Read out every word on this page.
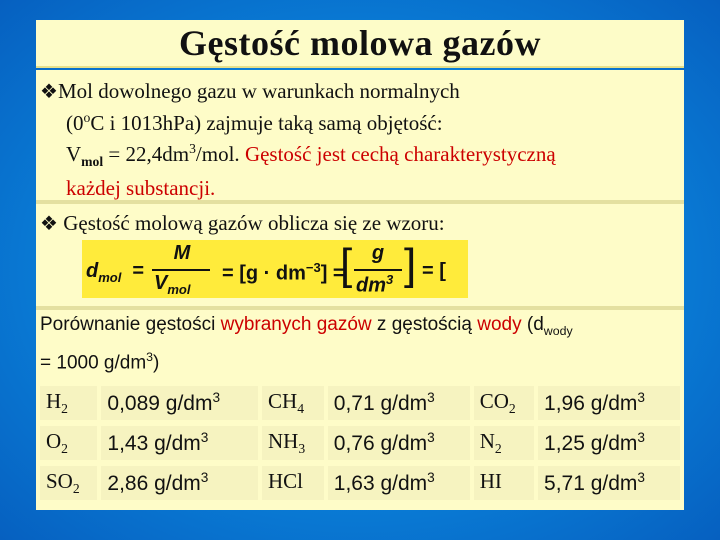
Gęstość molowa gazów
❖Mol dowolnego gazu w warunkach normalnych
(0$^o$C i 1013hPa) zajmuje taką samą objętość:
$V_{mol} = 22,4dm^3/mol$. Gęstość jest cechą charakterystyczną
każdej substancji.
❖ Gęstość molową gazów oblicza się ze wzoru:
$d_{mol}$ =
M
$V_{mol}$
= $[g \cdot dm^{-3}]$ =
[ g
$dm^3$ ] = [
Porównanie gęstości wybranych gazów z gęstością wody ($d_{wody}$
= 1000 $g/dm^3$)
$H_2$	0,089 $g/dm^3$	$CH_4$	0,71 $g/dm^3$	$CO_2$	1,96 $g/dm^3$
$O_2$	1,43 $g/dm^3$	$NH_3$	0,76 $g/dm^3$	$N_2$	1,25 $g/dm^3$
$SO_2$	2,86 $g/dm^3$	HCl	1,63 $g/dm^3$	HI	5,71 $g/dm^3$
